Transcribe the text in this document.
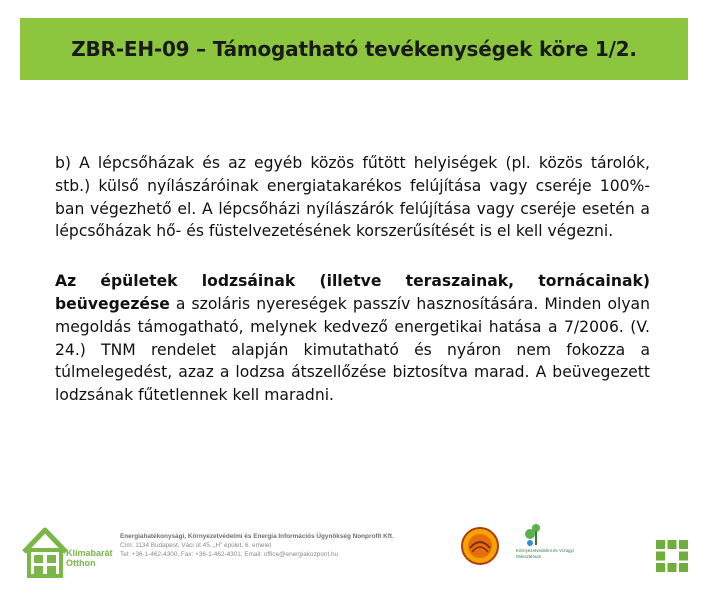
ZBR-EH-09 – Támogatható tevékenységek köre 1/2.

b) A lépcsőházak és az egyéb közös fűtött helyiségek (pl. közös tárolók, stb.) külső nyílászáróinak energiatakarékos felújítása vagy cseréje 100%-ban végezhető el. A lépcsőházi nyílászárók felújítása vagy cseréje esetén a lépcsőházak hő- és füstelvezetésének korszerűsítését is el kell végezni.

Az épületek lodzsáinak (illetve teraszainak, tornácainak) beüvegezése a szoláris nyereségek passzív hasznosítására. Minden olyan megoldás támogatható, melynek kedvező energetikai hatása a 7/2006. (V. 24.) TNM rendelet alapján kimutatható és nyáron nem fokozza a túlmelegedést, azaz a lodzsa átszellőzése biztosítva marad. A beüvegezett lodzsának fűtetlennek kell maradni.

Klímabarát
Otthon
Energiahatékonysági, Környezetvédelmi és Energia Információs Ügynökség Nonprofit Kft.
Cím: 1134 Budapest, Váci út 45. „H” épület, 6. emelet
Tel: +36-1-462-4300, Fax: +36-1-462-4301, Email: office@energiakozpont.hu
Környezetvédelmi és Vízügyi Minisztérium
